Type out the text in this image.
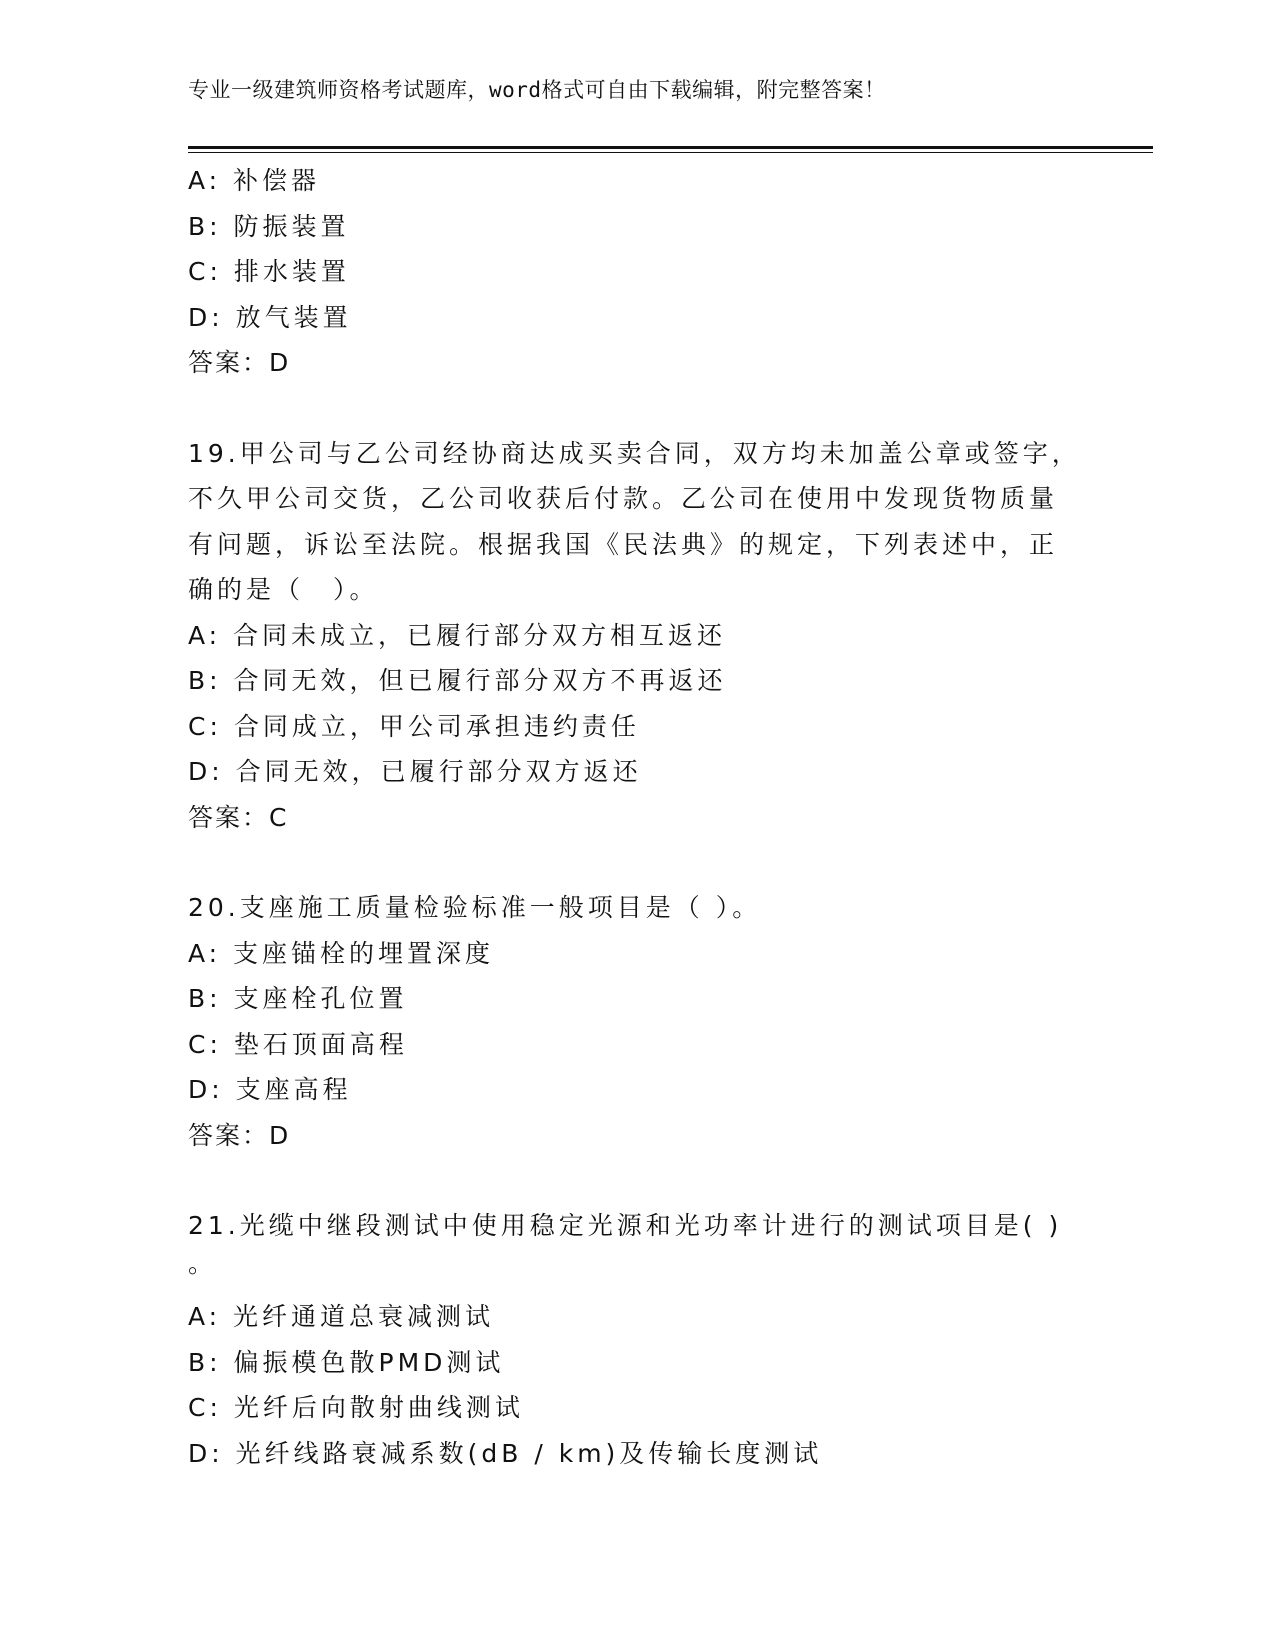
专业一级建筑师资格考试题库，word格式可自由下载编辑，附完整答案！
A: 补偿器
B: 防振装置
C: 排水装置
D: 放气装置
答案：D
19.甲公司与乙公司经协商达成买卖合同，双方均未加盖公章或签字，
不久甲公司交货，乙公司收获后付款。乙公司在使用中发现货物质量
有问题，诉讼至法院。根据我国《民法典》的规定，下列表述中，正
确的是（　）。
A: 合同未成立，已履行部分双方相互返还
B: 合同无效，但已履行部分双方不再返还
C: 合同成立，甲公司承担违约责任
D: 合同无效，已履行部分双方返还
答案：C
20.支座施工质量检验标准一般项目是（ ）。
A: 支座锚栓的埋置深度
B: 支座栓孔位置
C: 垫石顶面高程
D: 支座高程
答案：D
21.光缆中继段测试中使用稳定光源和光功率计进行的测试项目是( )
。
A: 光纤通道总衰减测试
B: 偏振模色散PMD测试
C: 光纤后向散射曲线测试
D: 光纤线路衰减系数(dB / km)及传输长度测试
